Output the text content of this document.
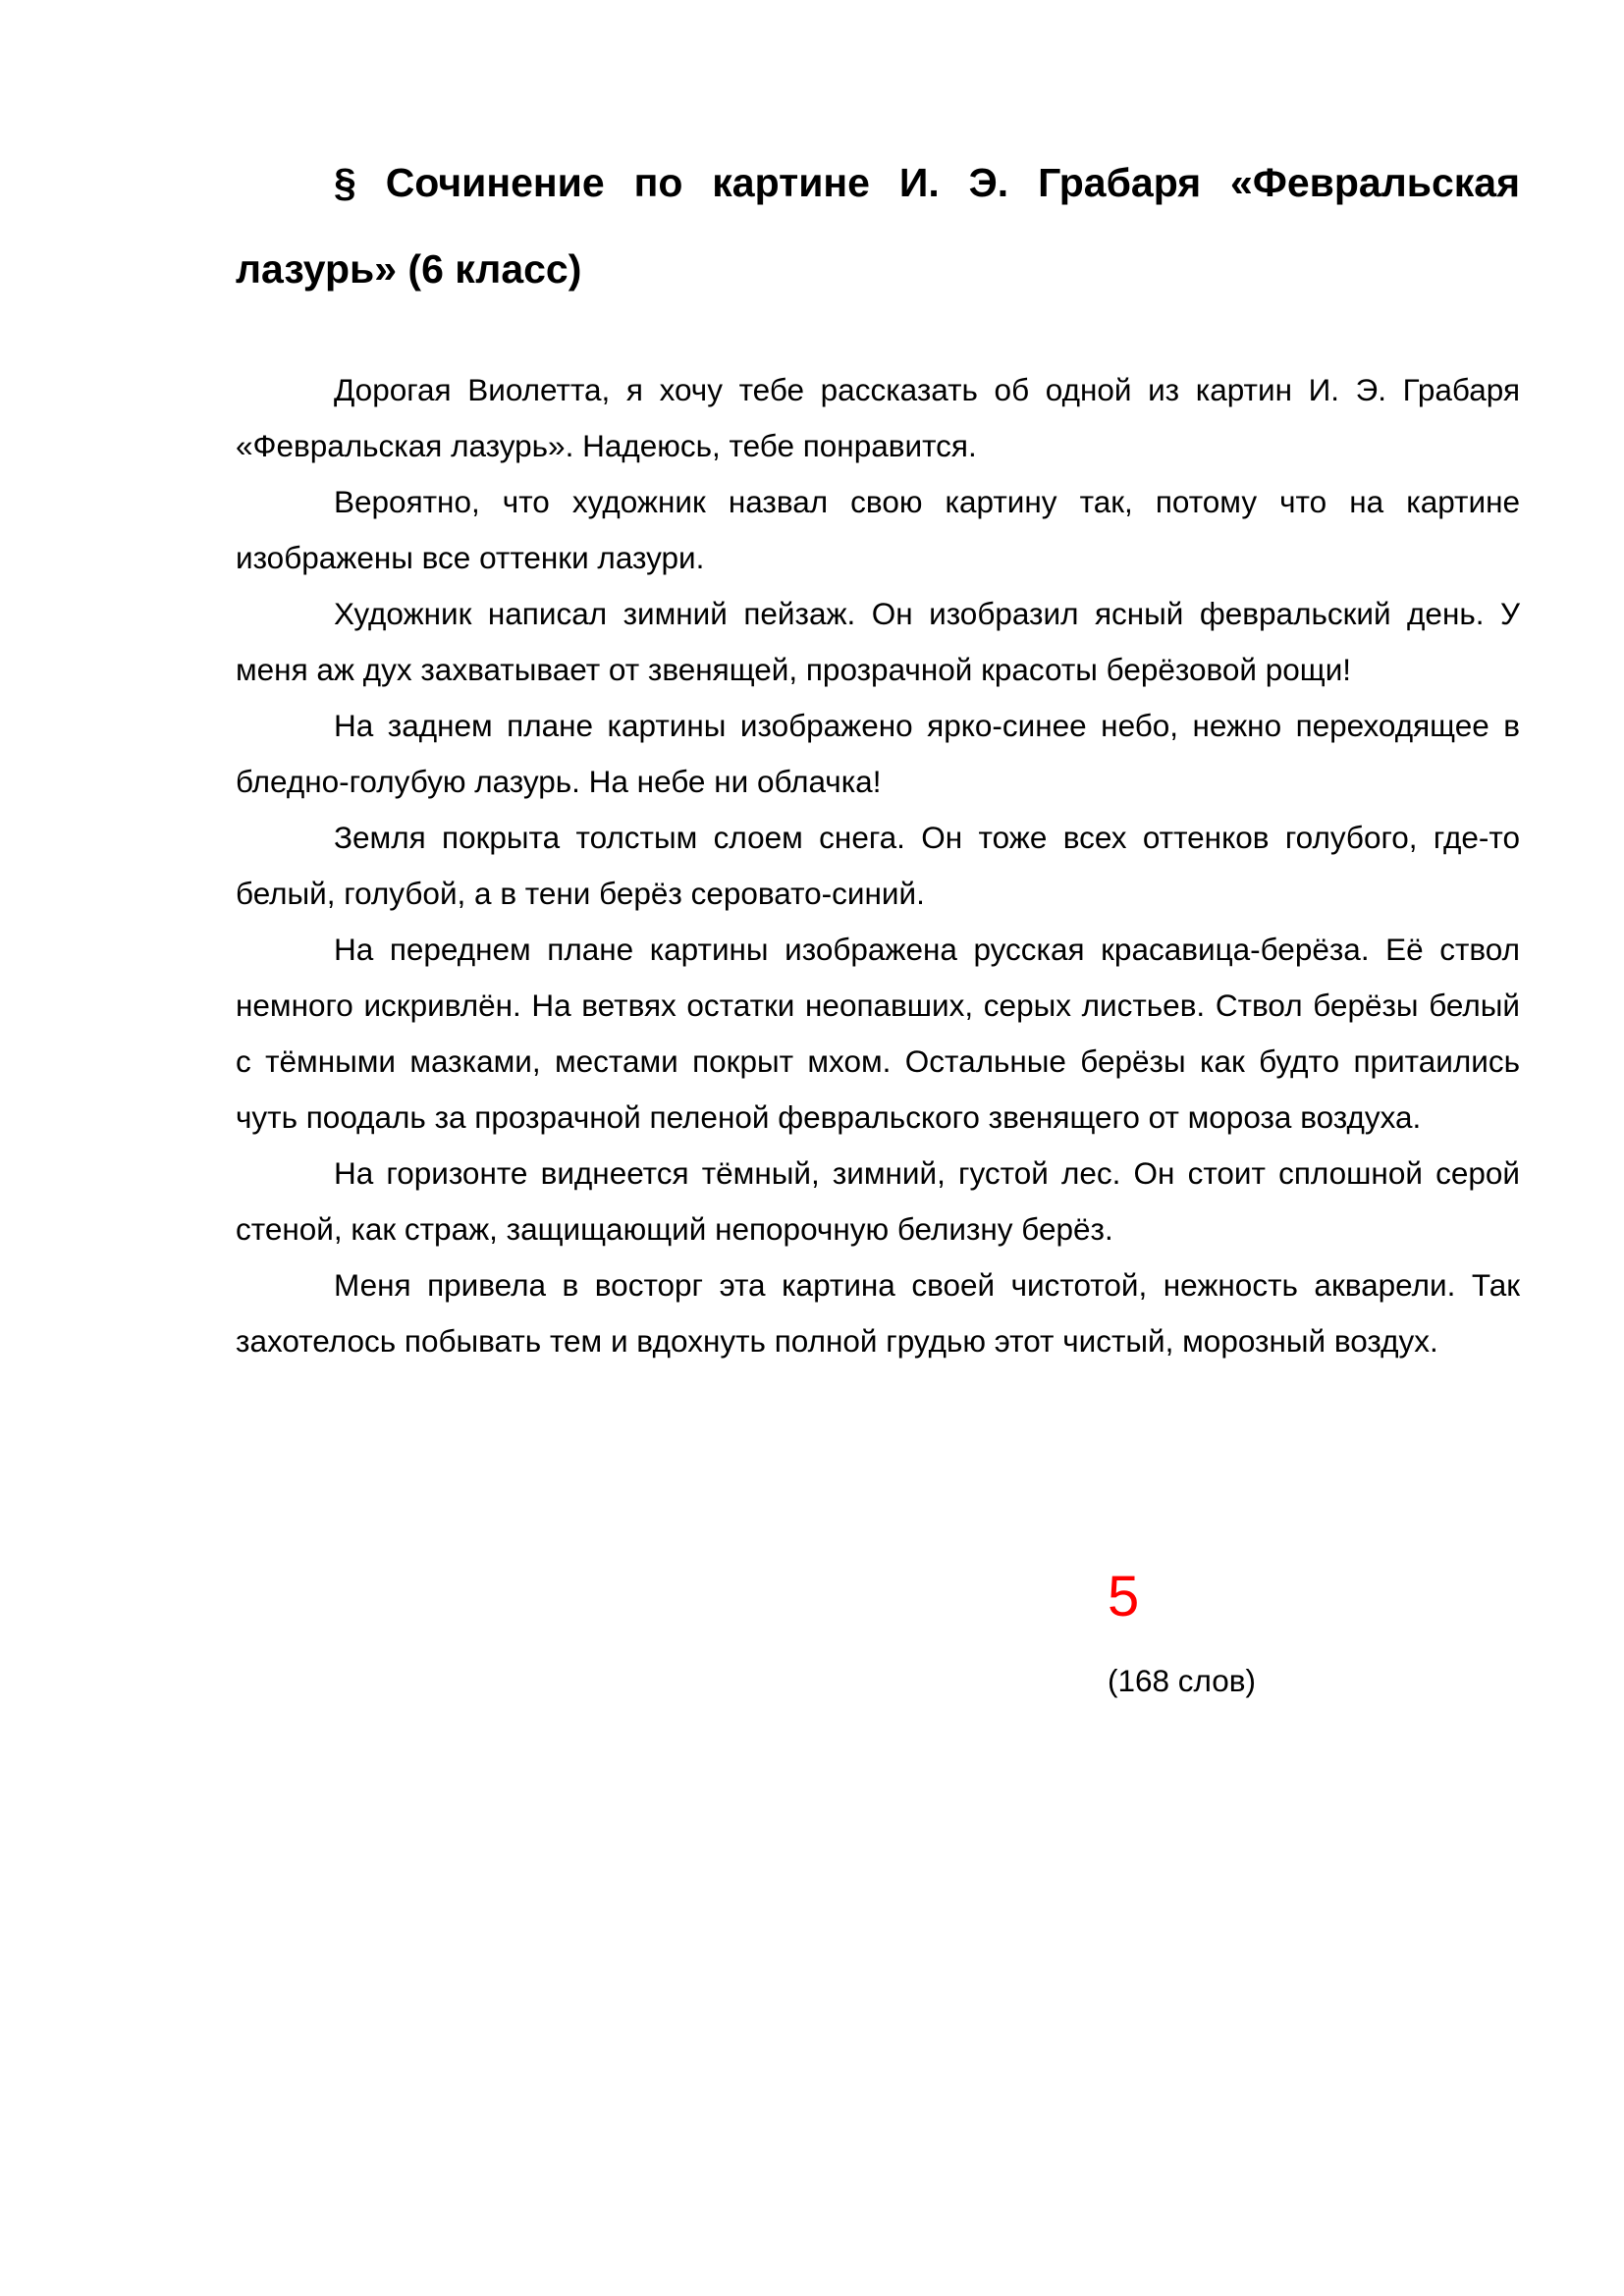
§ Сочинение по картине И. Э. Грабаря «Февральская лазурь» (6 класс)

Дорогая Виолетта, я хочу тебе рассказать об одной из картин И. Э. Грабаря «Февральская лазурь». Надеюсь, тебе понравится.

Вероятно, что художник назвал свою картину так, потому что на картине изображены все оттенки лазури.

Художник написал зимний пейзаж. Он изобразил ясный февральский день. У меня аж дух захватывает от звенящей, прозрачной красоты берёзовой рощи!

На заднем плане картины изображено ярко-синее небо, нежно переходящее в бледно-голубую лазурь. На небе ни облачка!

Земля покрыта толстым слоем снега. Он тоже всех оттенков голубого, где-то белый, голубой, а в тени берёз серовато-синий.

На переднем плане картины изображена русская красавица-берёза. Её ствол немного искривлён. На ветвях остатки неопавших, серых листьев. Ствол берёзы белый с тёмными мазками, местами покрыт мхом. Остальные берёзы как будто притаились чуть поодаль за прозрачной пеленой февральского звенящего от мороза воздуха.

На горизонте виднеется тёмный, зимний, густой лес. Он стоит сплошной серой стеной, как страж, защищающий непорочную белизну берёз.

Меня привела в восторг эта картина своей чистотой, нежность акварели. Так захотелось побывать тем и вдохнуть полной грудью этот чистый, морозный воздух.

5
(168 слов)
